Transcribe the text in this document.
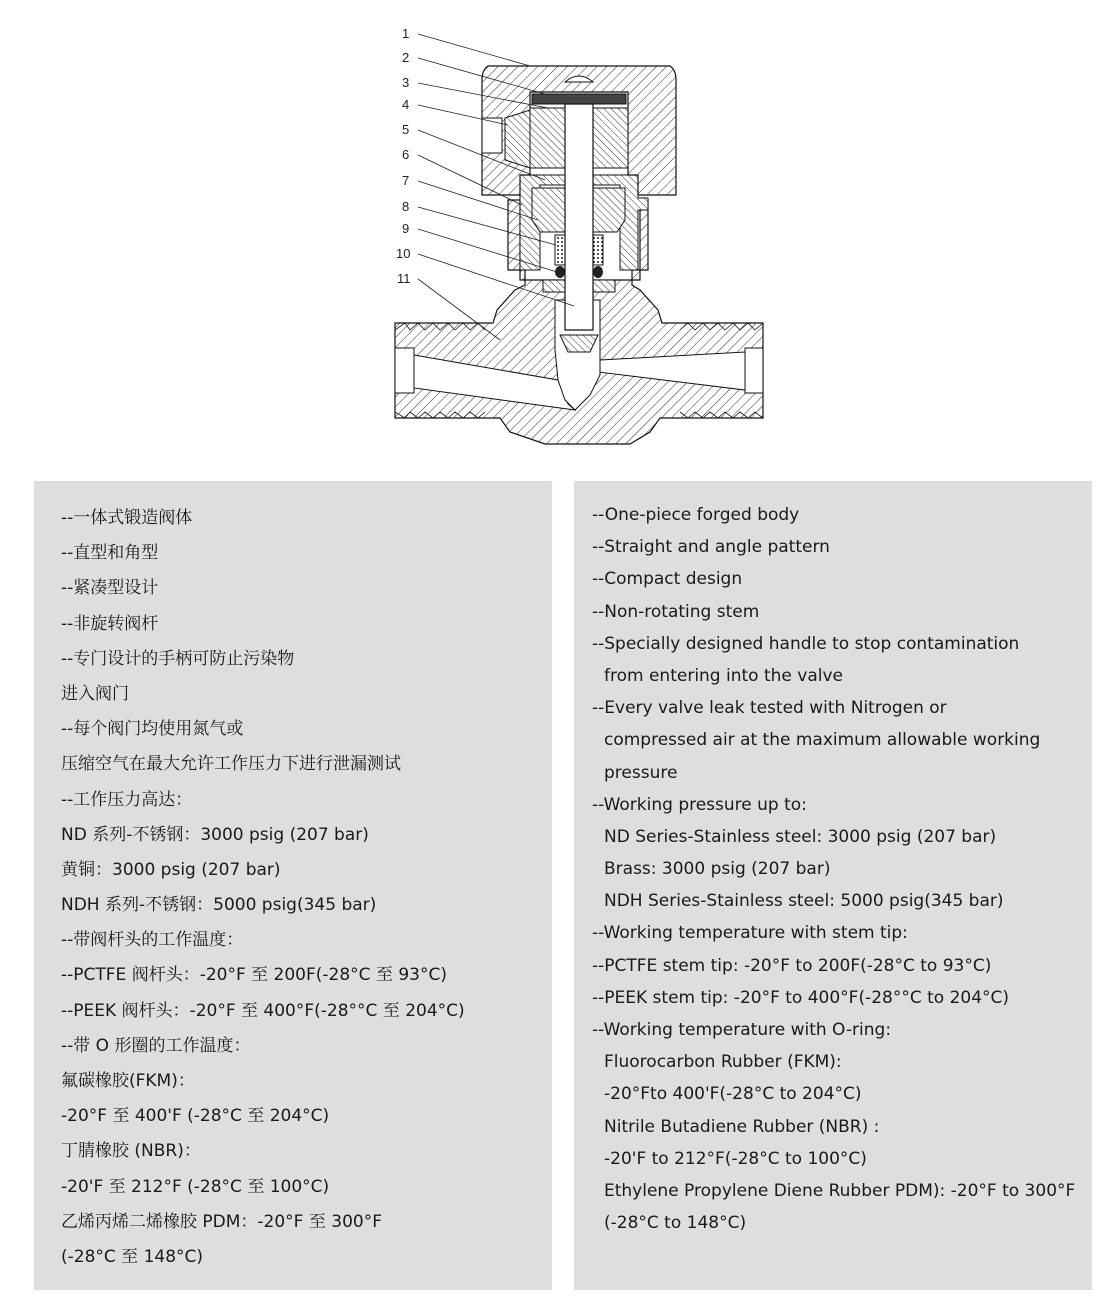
1
2
3
4
5
6
7
8
9
10
11
--一体式锻造阀体
--直型和角型
--紧凑型设计
--非旋转阀杆
--专门设计的手柄可防止污染物
进入阀门
--每个阀门均使用氮气或
压缩空气在最大允许工作压力下进行泄漏测试
--工作压力高达：
ND 系列-不锈钢：3000 psig (207 bar)
黄铜：3000 psig (207 bar)
NDH 系列-不锈钢：5000 psig(345 bar)
--带阀杆头的工作温度：
--PCTFE 阀杆头：-20°F 至 200F(-28°C 至 93°C)
--PEEK 阀杆头：-20°F 至 400°F(-28°°C 至 204°C)
--带 O 形圈的工作温度：
氟碳橡胶(FKM)：
-20°F 至 400'F (-28°C 至 204°C)
丁腈橡胶 (NBR)：
-20'F 至 212°F (-28°C 至 100°C)
乙烯丙烯二烯橡胶 PDM：-20°F 至 300°F
(-28°C 至 148°C)
--One-piece forged body
--Straight and angle pattern
--Compact design
--Non-rotating stem
--Specially designed handle to stop contamination
from entering into the valve
--Every valve leak tested with Nitrogen or
compressed air at the maximum allowable working
pressure
--Working pressure up to:
ND Series-Stainless steel: 3000 psig (207 bar)
Brass: 3000 psig (207 bar)
NDH Series-Stainless steel: 5000 psig(345 bar)
--Working temperature with stem tip:
--PCTFE stem tip: -20°F to 200F(-28°C to 93°C)
--PEEK stem tip: -20°F to 400°F(-28°°C to 204°C)
--Working temperature with O-ring:
Fluorocarbon Rubber (FKM):
-20°Fto 400'F(-28°C to 204°C)
Nitrile Butadiene Rubber (NBR) :
-20'F to 212°F(-28°C to 100°C)
Ethylene Propylene Diene Rubber PDM): -20°F to 300°F
(-28°C to 148°C)
